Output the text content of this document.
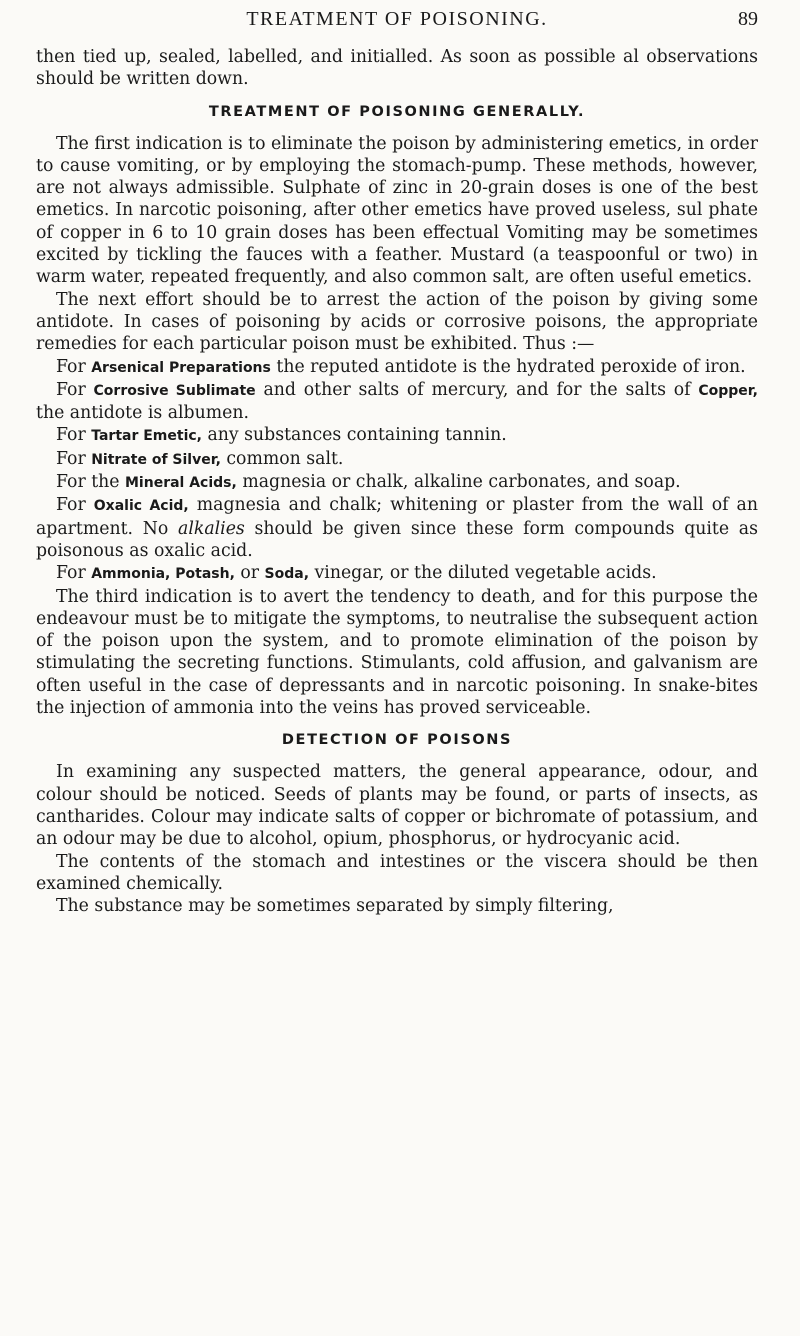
TREATMENT OF POISONING.	89

then tied up, sealed, labelled, and initialled. As soon as possible al observations should be written down.

TREATMENT OF POISONING GENERALLY.

The first indication is to eliminate the poison by administering emetics, in order to cause vomiting, or by employing the stomach-pump. These methods, however, are not always admissible. Sulphate of zinc in 20-grain doses is one of the best emetics. In narcotic poisoning, after other emetics have proved useless, sul phate of copper in 6 to 10 grain doses has been effectual Vomiting may be sometimes excited by tickling the fauces with a feather. Mustard (a teaspoonful or two) in warm water, repeated frequently, and also common salt, are often useful emetics.

The next effort should be to arrest the action of the poison by giving some antidote. In cases of poisoning by acids or corrosive poisons, the appropriate remedies for each particular poison must be exhibited. Thus :—

For Arsenical Preparations the reputed antidote is the hydrated peroxide of iron.

For Corrosive Sublimate and other salts of mercury, and for the salts of Copper, the antidote is albumen.

For Tartar Emetic, any substances containing tannin.

For Nitrate of Silver, common salt.

For the Mineral Acids, magnesia or chalk, alkaline carbonates, and soap.

For Oxalic Acid, magnesia and chalk; whitening or plaster from the wall of an apartment. No alkalies should be given since these form compounds quite as poisonous as oxalic acid.

For Ammonia, Potash, or Soda, vinegar, or the diluted vegetable acids.

The third indication is to avert the tendency to death, and for this purpose the endeavour must be to mitigate the symptoms, to neutralise the subsequent action of the poison upon the system, and to promote elimination of the poison by stimulating the secreting functions. Stimulants, cold affusion, and galvanism are often useful in the case of depressants and in narcotic poisoning. In snake-bites the injection of ammonia into the veins has proved serviceable.

DETECTION OF POISONS

In examining any suspected matters, the general appearance, odour, and colour should be noticed. Seeds of plants may be found, or parts of insects, as cantharides. Colour may indicate salts of copper or bichromate of potassium, and an odour may be due to alcohol, opium, phosphorus, or hydrocyanic acid.

The contents of the stomach and intestines or the viscera should be then examined chemically.

The substance may be sometimes separated by simply filtering,
